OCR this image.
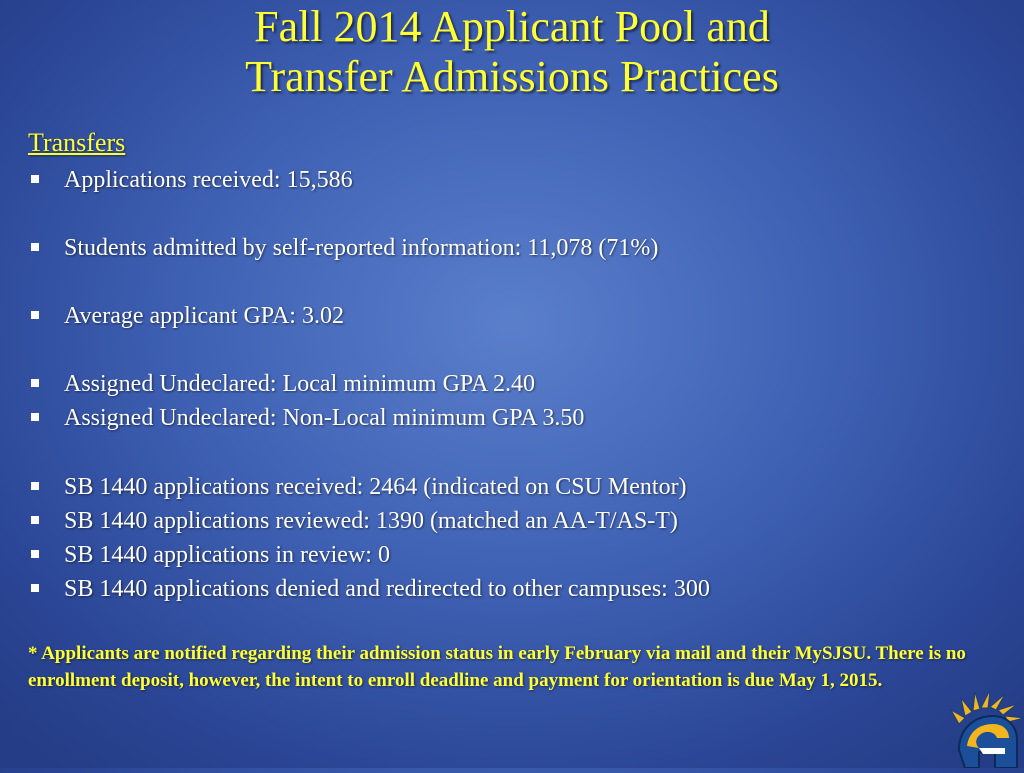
Fall 2014 Applicant Pool and
Transfer Admissions Practices
Transfers
Applications received: 15,586
Students admitted by self-reported information: 11,078 (71%)
Average applicant GPA: 3.02
Assigned Undeclared: Local minimum GPA 2.40
Assigned Undeclared: Non-Local minimum GPA 3.50
SB 1440 applications received: 2464 (indicated on CSU Mentor)
SB 1440 applications reviewed: 1390 (matched an AA-T/AS-T)
SB 1440 applications in review: 0
SB 1440 applications denied and redirected to other campuses: 300
* Applicants are notified regarding their admission status in early February via mail and their MySJSU. There is no enrollment deposit, however, the intent to enroll deadline and payment for orientation is due May 1, 2015.
